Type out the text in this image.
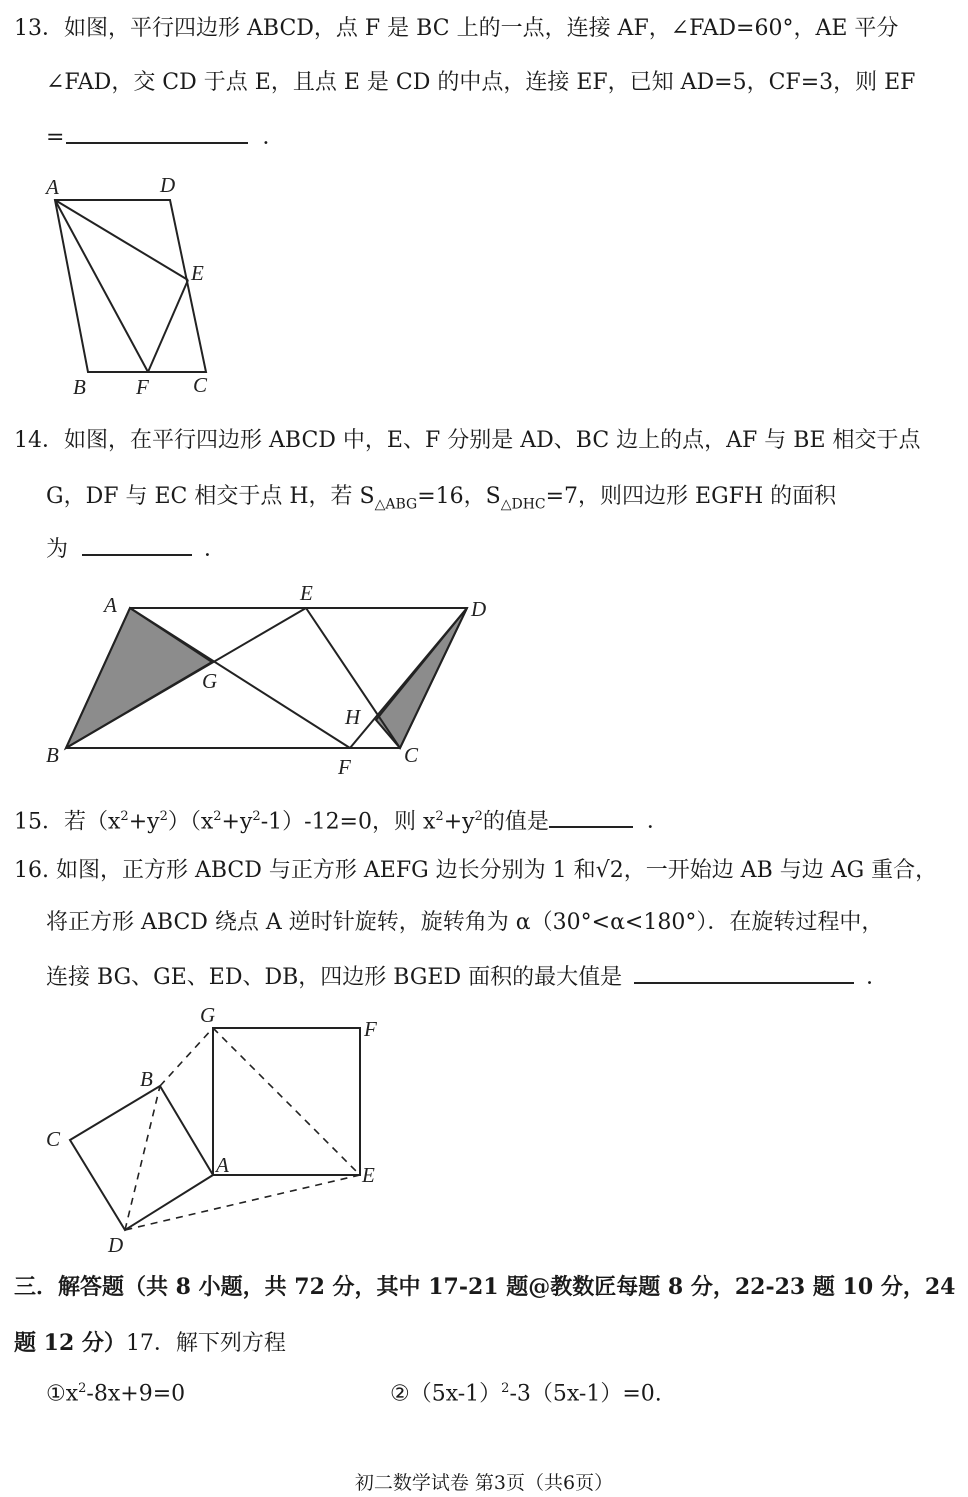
13．如图，平行四边形 ABCD，点 F 是 BC 上的一点，连接 AF，∠FAD=60°，AE 平分
∠FAD，交 CD 于点 E，且点 E 是 CD 的中点，连接 EF，已知 AD=5，CF=3，则 EF
=	．
A	D
E
B F C
14．如图，在平行四边形 ABCD 中，E、F 分别是 AD、BC 边上的点，AF 与 BE 相交于点
G，DF 与 EC 相交于点 H，若 $S_{\triangle ABG}=16$，$S_{\triangle DHC}=7$，则四边形 EGFH 的面积
为	．
A	E
D
G
H
B	F	C
15．若$(x^2+y^2)(x^2+y^2-1)-12=0$，则 $x^2+y^2$的值是	．
16. 如图，正方形 ABCD 与正方形 AEFG 边长分别为 1 和√2，一开始边 AB 与边 AG 重合，
将正方形 ABCD 绕点 A 逆时针旋转，旋转角为 α（30°<α<180°）．在旋转过程中，
连接 BG、GE、ED、DB，四边形 BGED 面积的最大值是	．
G
F
B
C
A	E
D
三．解答题（共 8 小题，共 72 分，其中 17-21 题@教数匠每题 8 分，22-23 题 10 分，24
题 12 分）17．解下列方程
$①x^2-8x+9=0$	$②(5x-1)^2-3(5x-1)=0$.
初二数学试卷 第3页（共6页）
